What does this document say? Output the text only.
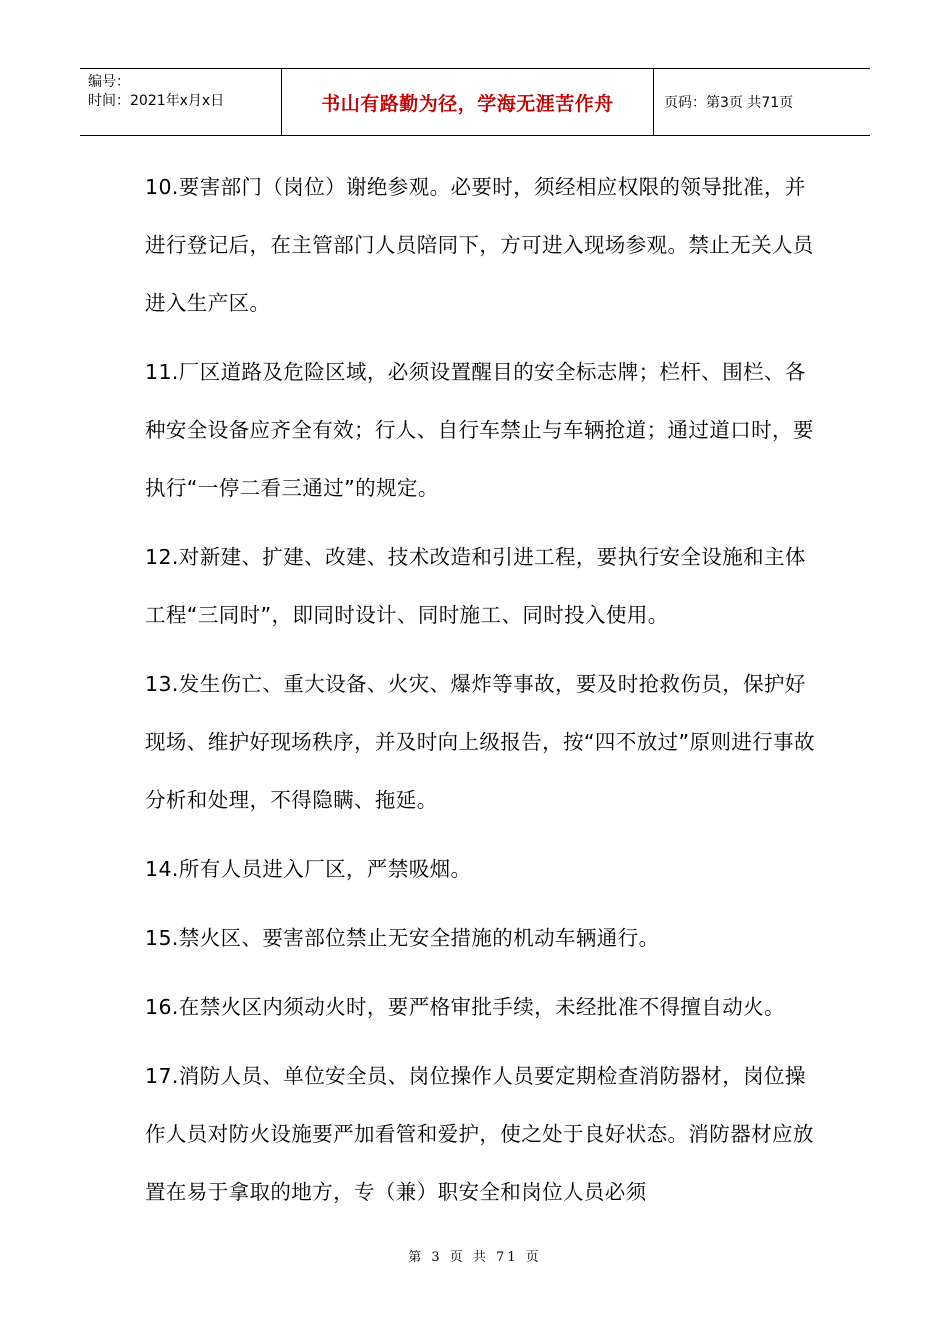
编号：
时间：2021年x月x日	书山有路勤为径，学海无涯苦作舟	页码：第3页 共71页

10.要害部门（岗位）谢绝参观。必要时，须经相应权限的领导批准，并进行登记后，在主管部门人员陪同下，方可进入现场参观。禁止无关人员进入生产区。

11.厂区道路及危险区域，必须设置醒目的安全标志牌；栏杆、围栏、各种安全设备应齐全有效；行人、自行车禁止与车辆抢道；通过道口时，要执行“一停二看三通过”的规定。

12.对新建、扩建、改建、技术改造和引进工程，要执行安全设施和主体工程“三同时”，即同时设计、同时施工、同时投入使用。

13.发生伤亡、重大设备、火灾、爆炸等事故，要及时抢救伤员，保护好现场、维护好现场秩序，并及时向上级报告，按“四不放过”原则进行事故分析和处理，不得隐瞒、拖延。

14.所有人员进入厂区，严禁吸烟。

15.禁火区、要害部位禁止无安全措施的机动车辆通行。

16.在禁火区内须动火时，要严格审批手续，未经批准不得擅自动火。

17.消防人员、单位安全员、岗位操作人员要定期检查消防器材，岗位操作人员对防火设施要严加看管和爱护，使之处于良好状态。消防器材应放置在易于拿取的地方，专（兼）职安全和岗位人员必须

第 3 页 共 71 页
